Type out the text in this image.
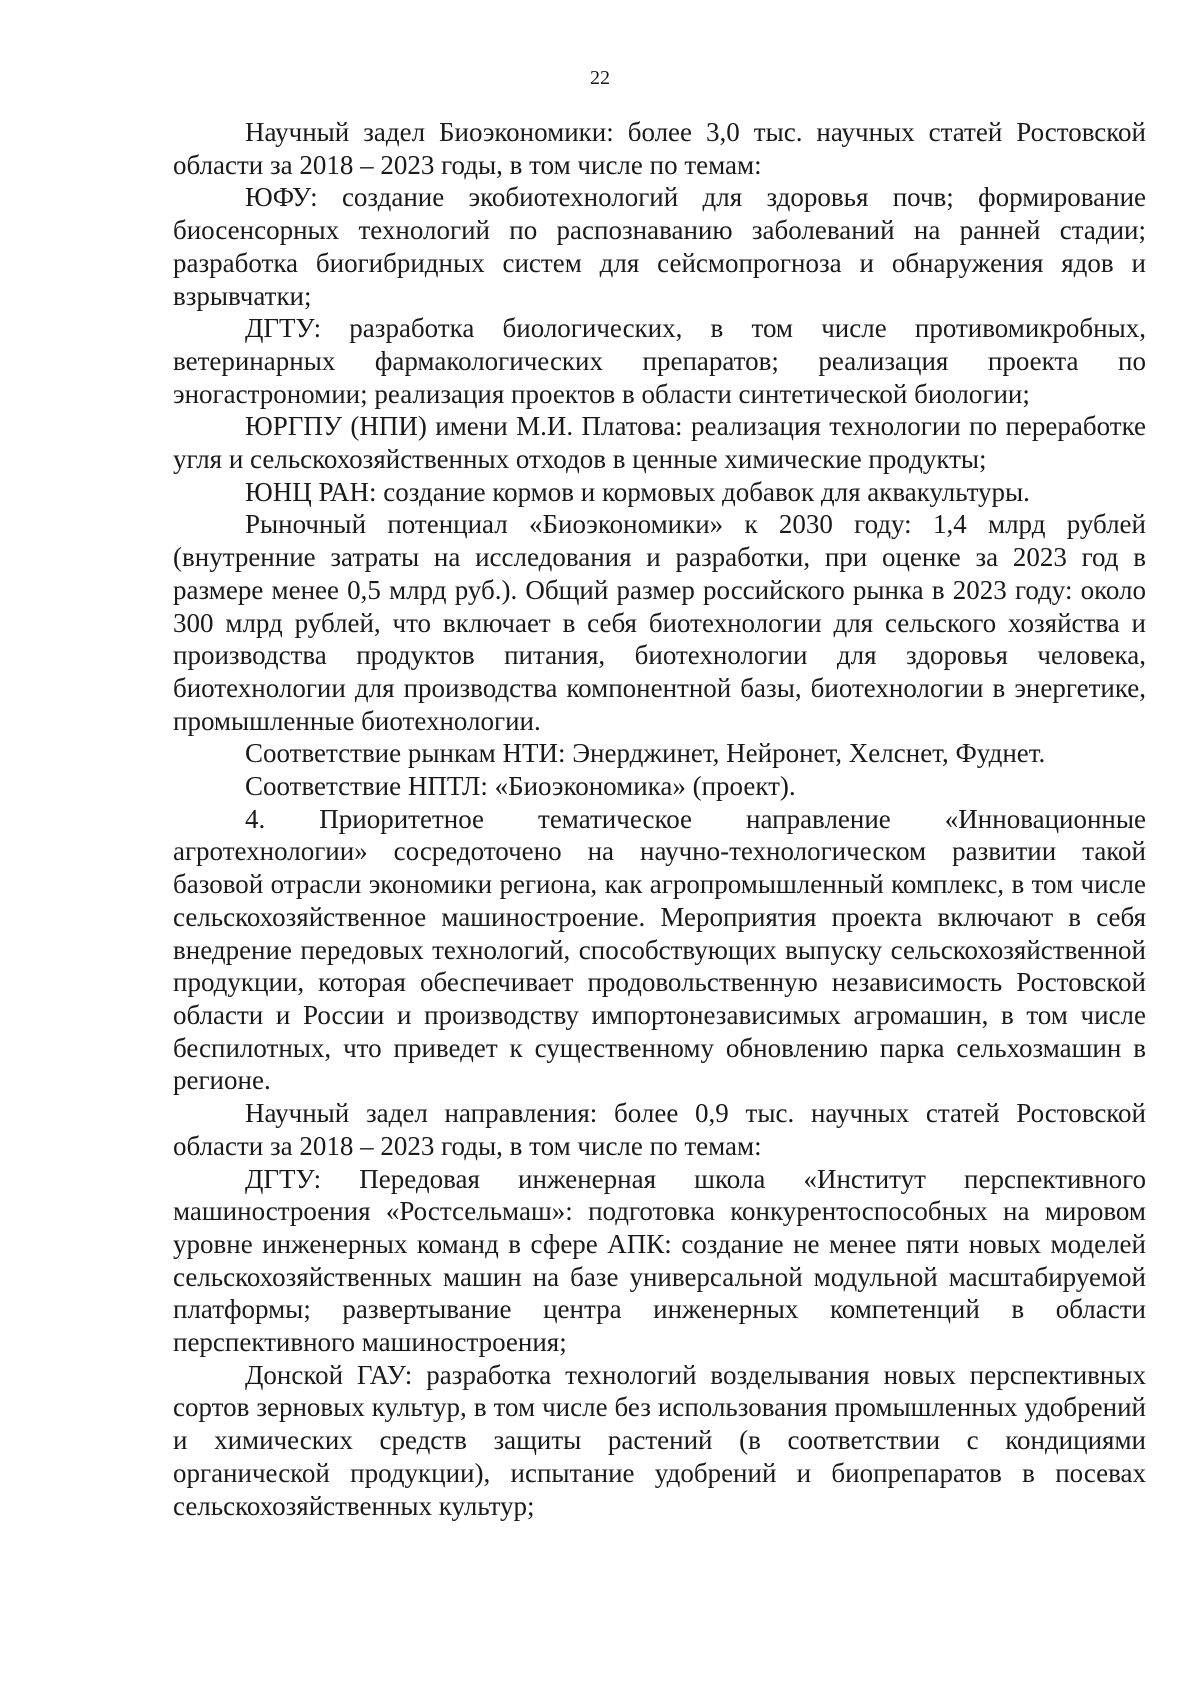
22

Научный задел Биоэкономики: более 3,0 тыс. научных статей Ростовской области за 2018 – 2023 годы, в том числе по темам:

ЮФУ: создание экобиотехнологий для здоровья почв; формирование биосенсорных технологий по распознаванию заболеваний на ранней стадии; разработка биогибридных систем для сейсмопрогноза и обнаружения ядов и взрывчатки;

ДГТУ: разработка биологических, в том числе противомикробных, ветеринарных фармакологических препаратов; реализация проекта по эногастрономии; реализация проектов в области синтетической биологии;

ЮРГПУ (НПИ) имени М.И. Платова: реализация технологии по переработке угля и сельскохозяйственных отходов в ценные химические продукты;

ЮНЦ РАН: создание кормов и кормовых добавок для аквакультуры.

Рыночный потенциал «Биоэкономики» к 2030 году: 1,4 млрд рублей (внутренние затраты на исследования и разработки, при оценке за 2023 год в размере менее 0,5 млрд руб.). Общий размер российского рынка в 2023 году: около 300 млрд рублей, что включает в себя биотехнологии для сельского хозяйства и производства продуктов питания, биотехнологии для здоровья человека, биотехнологии для производства компонентной базы, биотехнологии в энергетике, промышленные биотехнологии.

Соответствие рынкам НТИ: Энерджинет, Нейронет, Хелснет, Фуднет.

Соответствие НПТЛ: «Биоэкономика» (проект).

4. Приоритетное тематическое направление «Инновационные агротехнологии» сосредоточено на научно-технологическом развитии такой базовой отрасли экономики региона, как агропромышленный комплекс, в том числе сельскохозяйственное машиностроение. Мероприятия проекта включают в себя внедрение передовых технологий, способствующих выпуску сельскохозяйственной продукции, которая обеспечивает продовольственную независимость Ростовской области и России и производству импортонезависимых агромашин, в том числе беспилотных, что приведет к существенному обновлению парка сельхозмашин в регионе.

Научный задел направления: более 0,9 тыс. научных статей Ростовской области за 2018 – 2023 годы, в том числе по темам:

ДГТУ: Передовая инженерная школа «Институт перспективного машиностроения «Ростсельмаш»: подготовка конкурентоспособных на мировом уровне инженерных команд в сфере АПК: создание не менее пяти новых моделей сельскохозяйственных машин на базе универсальной модульной масштабируемой платформы; развертывание центра инженерных компетенций в области перспективного машиностроения;

Донской ГАУ: разработка технологий возделывания новых перспективных сортов зерновых культур, в том числе без использования промышленных удобрений и химических средств защиты растений (в соответствии с кондициями органической продукции), испытание удобрений и биопрепаратов в посевах сельскохозяйственных культур;
